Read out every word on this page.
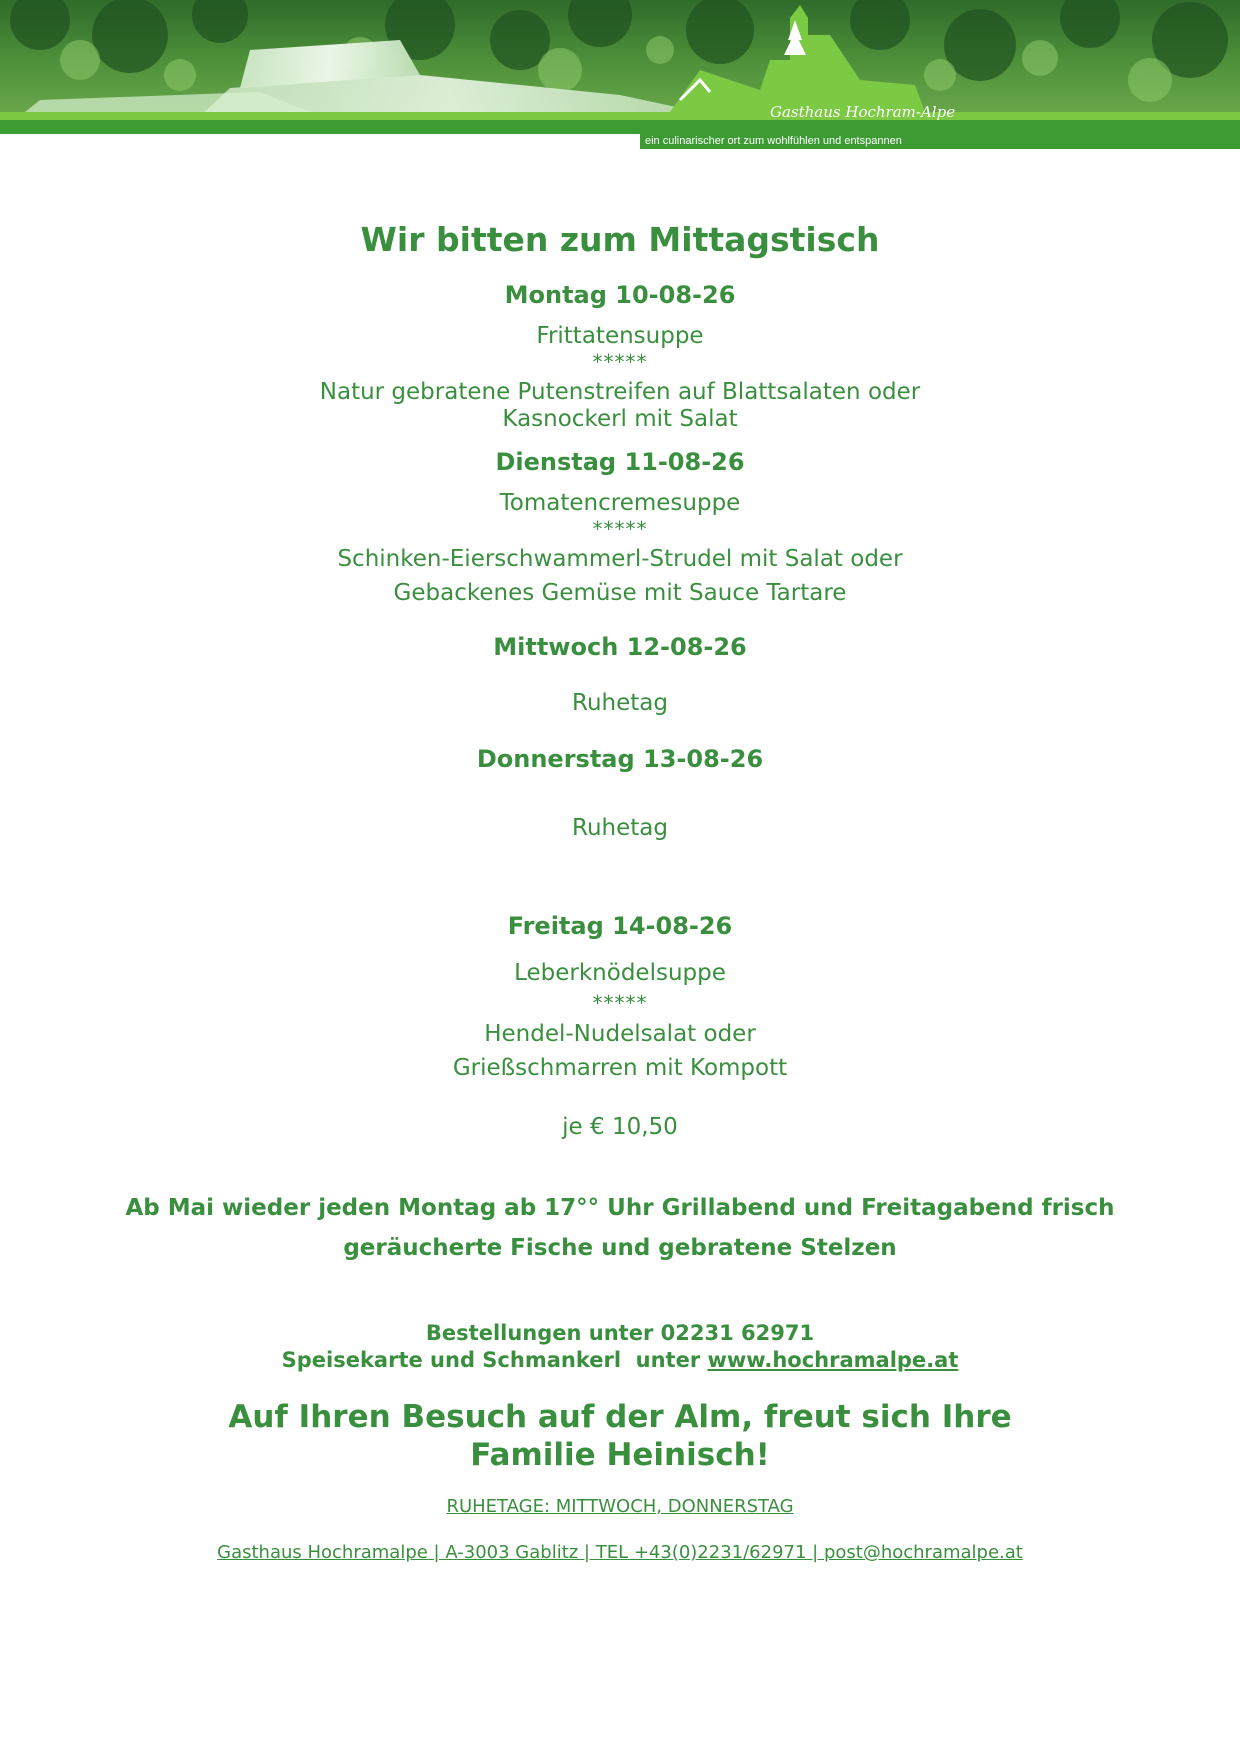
Gasthaus Hochram-Alpe
ein culinarischer ort zum wohlfühlen und entspannen
Wir bitten zum Mittagstisch
Montag 10-08-26
Frittatensuppe
*****
Natur gebratene Putenstreifen auf Blattsalaten oder
Kasnockerl mit Salat
Dienstag 11-08-26
Tomatencremesuppe
*****
Schinken-Eierschwammerl-Strudel mit Salat oder
Gebackenes Gemüse mit Sauce Tartare
Mittwoch 12-08-26
Ruhetag
Donnerstag 13-08-26
Ruhetag
Freitag 14-08-26
Leberknödelsuppe
*****
Hendel-Nudelsalat oder
Grießschmarren mit Kompott
je € 10,50
Ab Mai wieder jeden Montag ab 17°° Uhr Grillabend und Freitagabend frisch
geräucherte Fische und gebratene Stelzen
Bestellungen unter 02231 62971
Speisekarte und Schmankerl  unter www.hochramalpe.at
Auf Ihren Besuch auf der Alm, freut sich Ihre
Familie Heinisch!
RUHETAGE: MITTWOCH, DONNERSTAG
Gasthaus Hochramalpe | A-3003 Gablitz | TEL +43(0)2231/62971 | post@hochramalpe.at
